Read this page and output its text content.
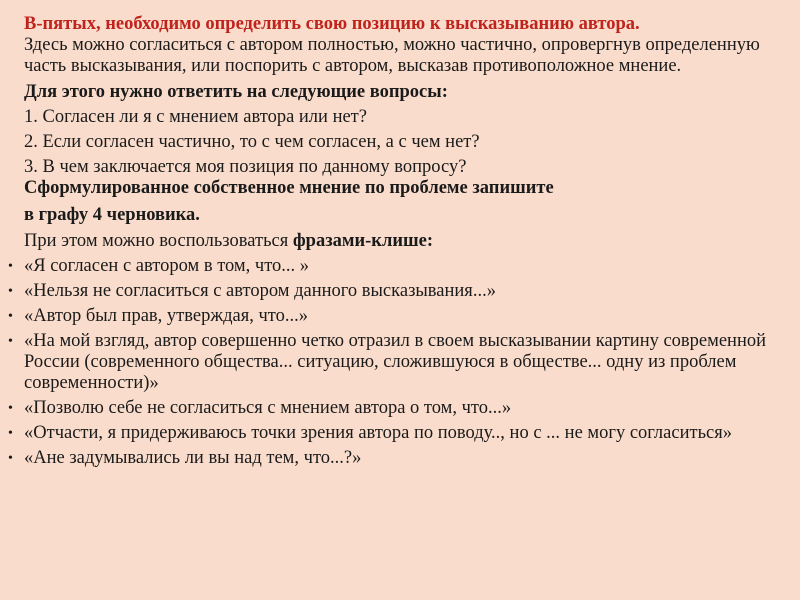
В-пятых, необходимо определить свою позицию к высказыванию автора.

Здесь можно согласиться с автором полностью, можно частично, опровергнув определенную часть высказывания, или поспорить с автором, высказав противоположное мнение.

Для этого нужно ответить на следующие вопросы:

1. Согласен ли я с мнением автора или нет?

2. Если согласен частично, то с чем согласен, а с чем нет?

3. В чем заключается моя позиция по данному вопросу?

Сформулированное собственное мнение по проблеме запишите

в графу 4 черновика.

При этом можно воспользоваться фразами-клише:

• «Я согласен с автором в том, что... »
• «Нельзя не согласиться с автором данного высказывания...»
• «Автор был прав, утверждая, что...»
• «На мой взгляд, автор совершенно четко отразил в своем высказывании картину современной России (современного общества... ситуацию, сложившуюся в обществе... одну из проблем современности)»
• «Позволю себе не согласиться с мнением автора о том, что...»
• «Отчасти, я придерживаюсь точки зрения автора по поводу.., но с ... не могу согласиться»
• «Ане задумывались ли вы над тем, что...?»
